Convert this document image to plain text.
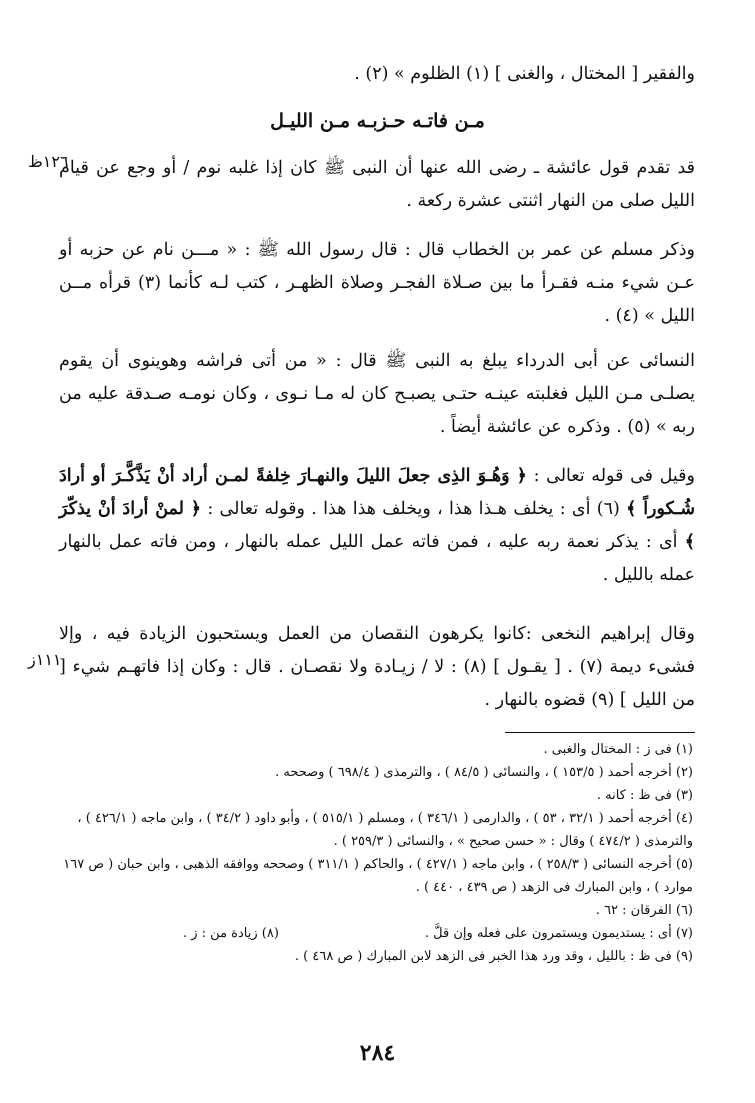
والفقير [ المختال ، والغنى ] (١) الظلوم » (٢) .

مـن فاتـه حـزبـه مـن الليـل
١٢٦ظ

قد تقدم قول عائشة ـ رضى الله عنها أن النبى ﷺ كان إذا غلبه نوم / أو وجع عن قيام الليل صلى من النهار اثنتى عشرة ركعة .

وذكر مسلم عن عمر بن الخطاب قال : قال رسول الله ﷺ : « مـــن نام عن حزبه أو عـن شيء منـه فقـرأ ما بين صـلاة الفجـر وصلاة الظهـر ، كتب لـه كأنما (٣) قرأه مــن الليل » (٤) .

النسائى عن أبى الدرداء يبلغ به النبى ﷺ قال : « من أتى فراشه وهوينوى أن يقوم يصلـى مـن الليل فغلبته عينـه حتـى يصبـح كان له مـا نـوى ، وكان نومـه صـدقة عليه من ربه » (٥) . وذكره عن عائشة أيضاً .

وقيل فى قوله تعالى : ﴿ وَهُـوَ الذِى جعلَ الليلَ والنهـارَ خِلفةً لمـن أراد أنْ يَذَّكَّـرَ أو أرادَ شُـكوراً ﴾ (٦) أى : يخلف هـذا هذا ، ويخلف هذا هذا . وقوله تعالى : ﴿ لمنْ أرادَ أنْ يذكّرَ ﴾ أى : يذكر نعمة ربه عليه ، فمن فاته عمل الليل عمله بالنهار ، ومن فاته عمل بالنهار عمله بالليل .

١١١ز

وقال إبراهيم النخعى :كانوا يكرهون النقصان من العمل ويستحبون الزيادة فيه ، وإلا فشىء ديمة (٧) . [ يقـول ] (٨) : لا / زيـادة ولا نقصـان . قال : وكان إذا فاتهـم شيء [ من الليل ] (٩) قضوه بالنهار .

(١) فى ز : المختال والغبى .

(٢) أخرجه أحمد ( ١٥٣/٥ ) ، والنسائى ( ٨٤/٥ ) ، والترمذى ( ٦٩٨/٤ ) وصححه .

(٣) فى ظ : كانه .

(٤) أخرجه أحمد ( ٣٢/١ ، ٥٣ ) ، والدارمى ( ٣٤٦/١ ) ، ومسلم ( ٥١٥/١ ) ، وأبو داود ( ٣٤/٢ ) ، وابن ماجه ( ٤٢٦/١ ) ، والترمذى ( ٤٧٤/٢ ) وقال : « حسن صحيح » ، والنسائى ( ٢٥٩/٣ ) .

(٥) أخرجه النسائى ( ٢٥٨/٣ ) ، وابن ماجه ( ٤٢٧/١ ) ، والحاكم ( ٣١١/١ ) وصححه ووافقه الذهبى ، وابن حبان ( ص ١٦٧ موارد ) ، وابن المبارك فى الزهد ( ص ٤٣٩ ، ٤٤٠ ) .

(٦) الفرقان : ٦٢ .

(٧) أى : يستديمون ويستمرون على فعله وإن قلَّ .
(٨) زيادة من : ز .

(٩) فى ظ : بالليل ، وقد ورد هذا الخبر فى الزهد لابن المبارك ( ص ٤٦٨ ) .

٢٨٤
